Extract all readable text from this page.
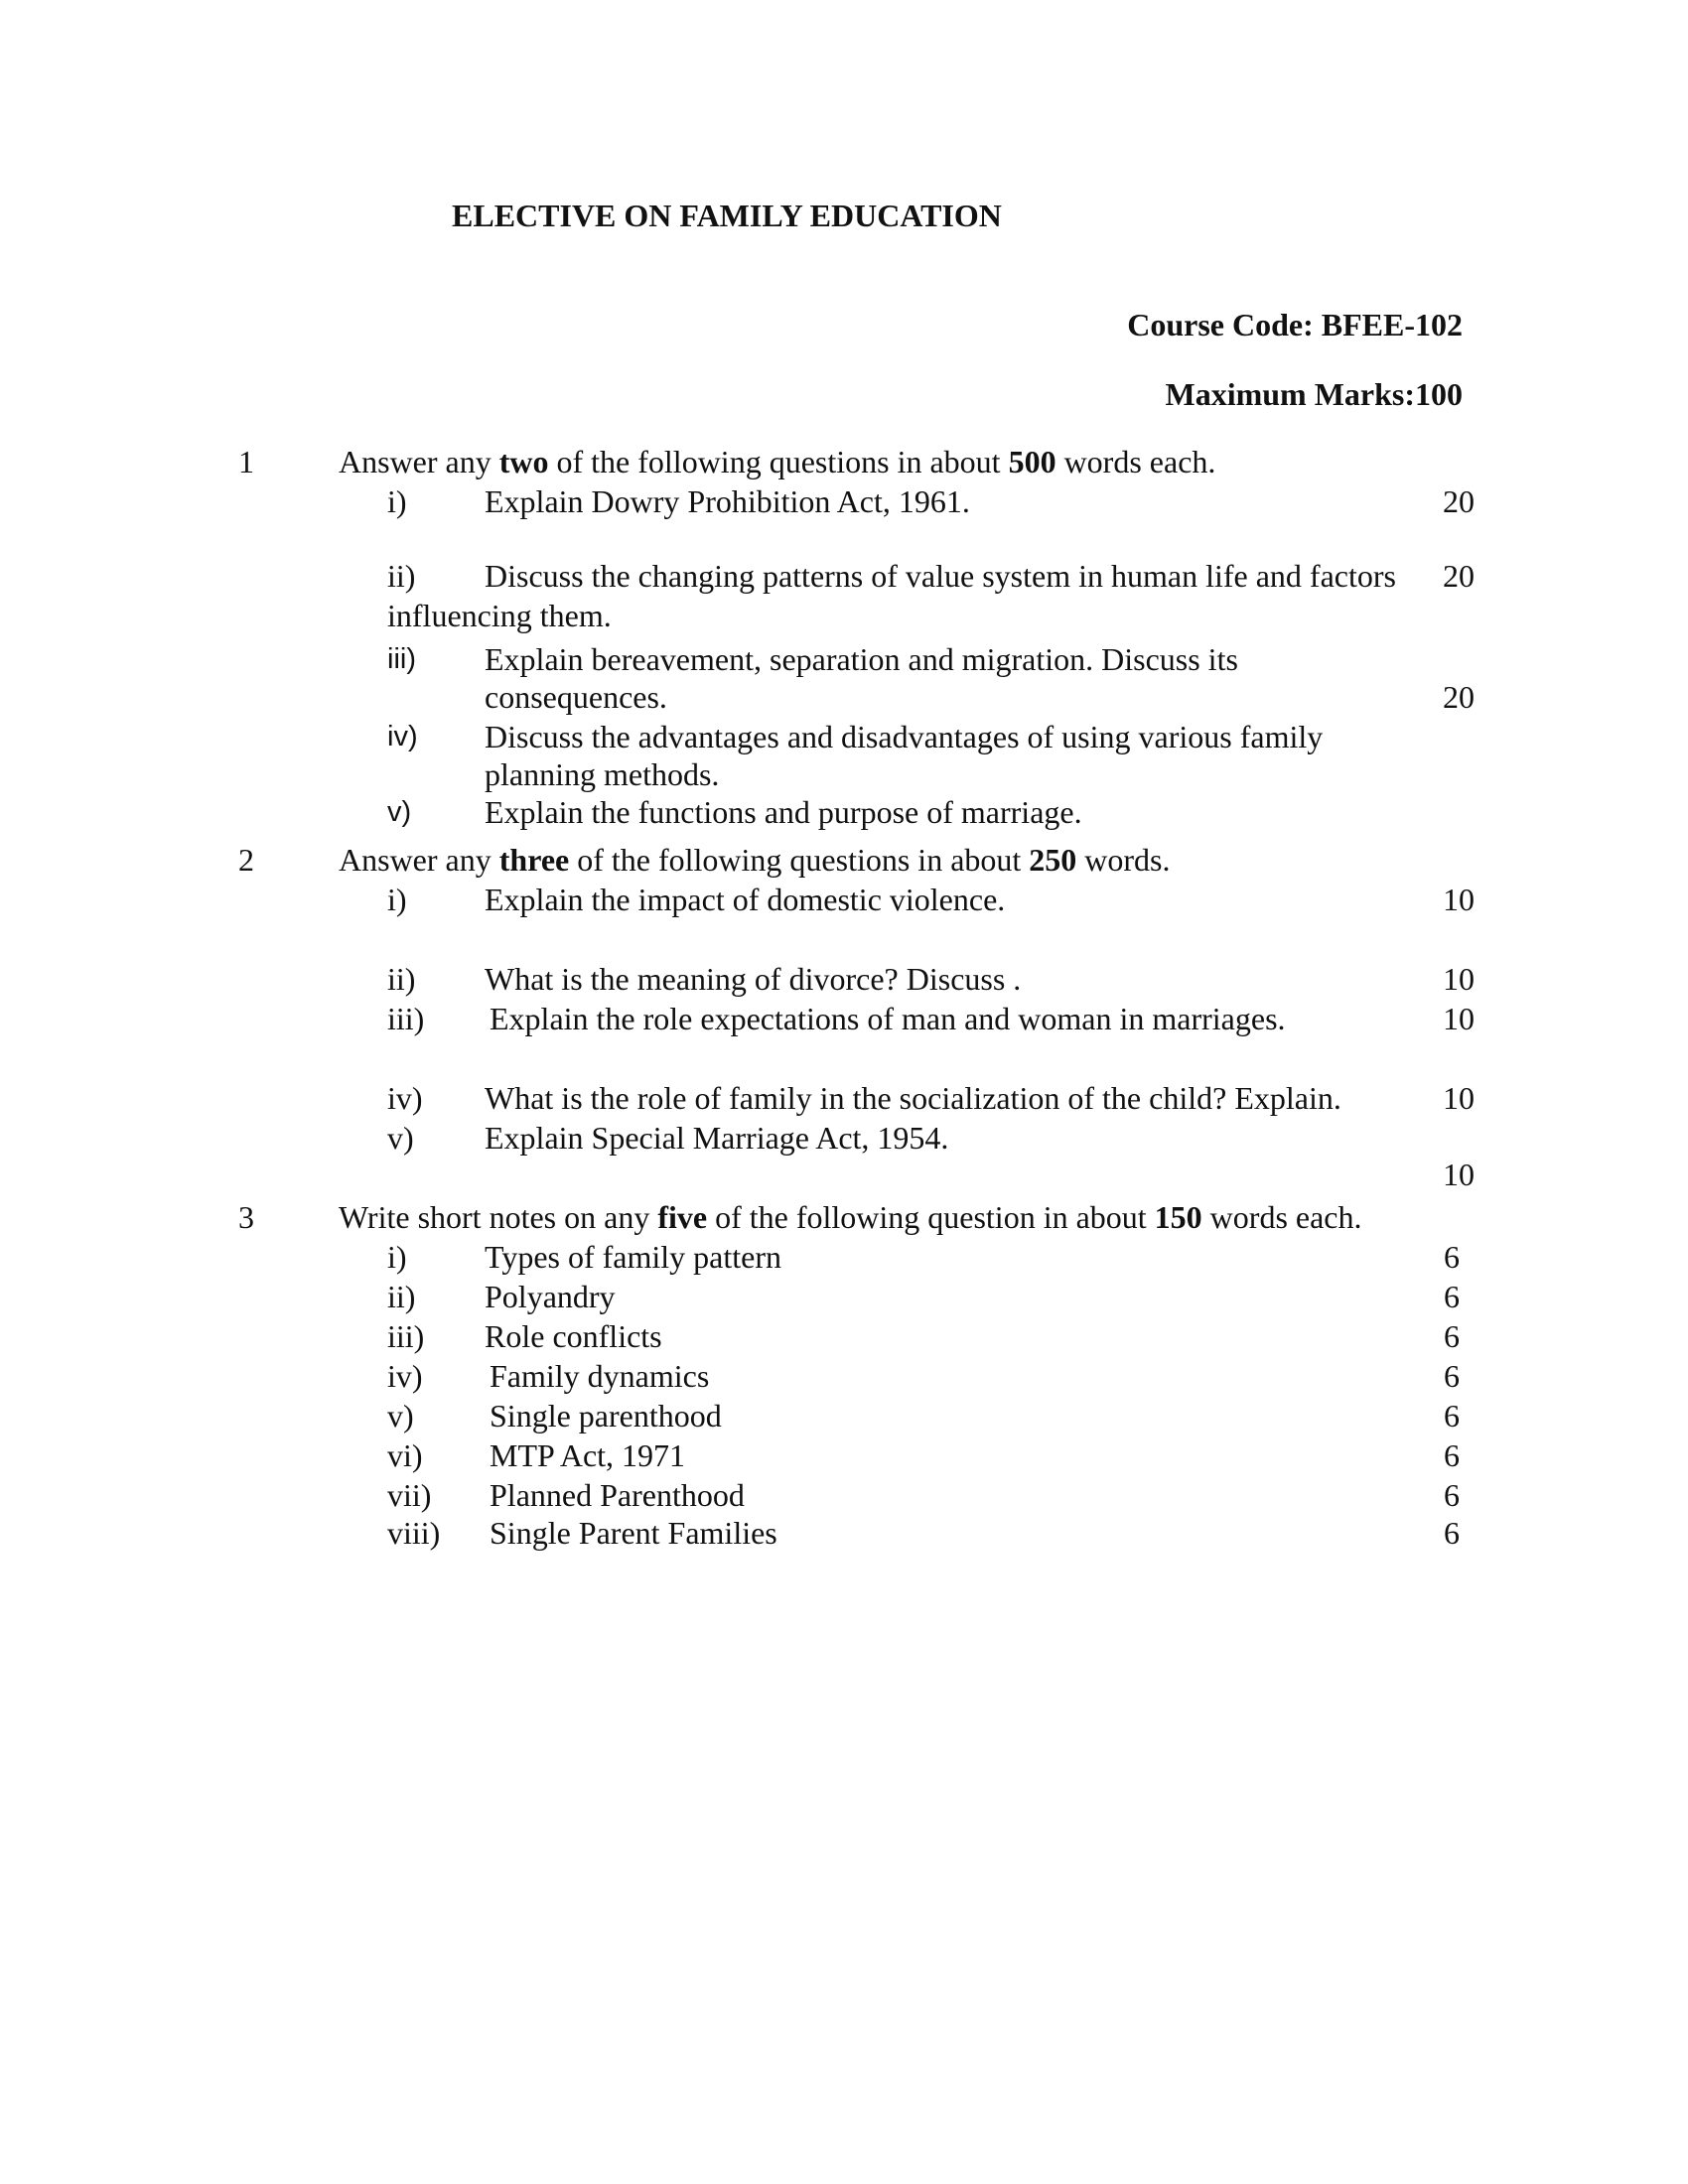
ELECTIVE ON FAMILY EDUCATION
Course Code: BFEE-102
Maximum Marks:100
1	Answer any two of the following questions in about 500 words each.
i) Explain Dowry Prohibition Act, 1961.	20
ii) Discuss the changing patterns of value system in human life and factors
influencing them.
20
iii) Explain bereavement, separation and migration. Discuss its
consequences.	20
iv) Discuss the advantages and disadvantages of using various family
planning methods.
v) Explain the functions and purpose of marriage.
2	Answer any three of the following questions in about 250 words.
i) Explain the impact of domestic violence.	10
ii) What is the meaning of divorce? Discuss .	10
iii) Explain the role expectations of man and woman in marriages.	10
iv) What is the role of family in the socialization of the child? Explain.	10
v) Explain Special Marriage Act, 1954.
10
3	Write short notes on any five of the following question in about 150 words each.
i) Types of family pattern	6
ii) Polyandry	6
iii) Role conflicts	6
iv) Family dynamics	6
v) Single parenthood	6
vi) MTP Act, 1971	6
vii) Planned Parenthood	6
viii) Single Parent Families	6
